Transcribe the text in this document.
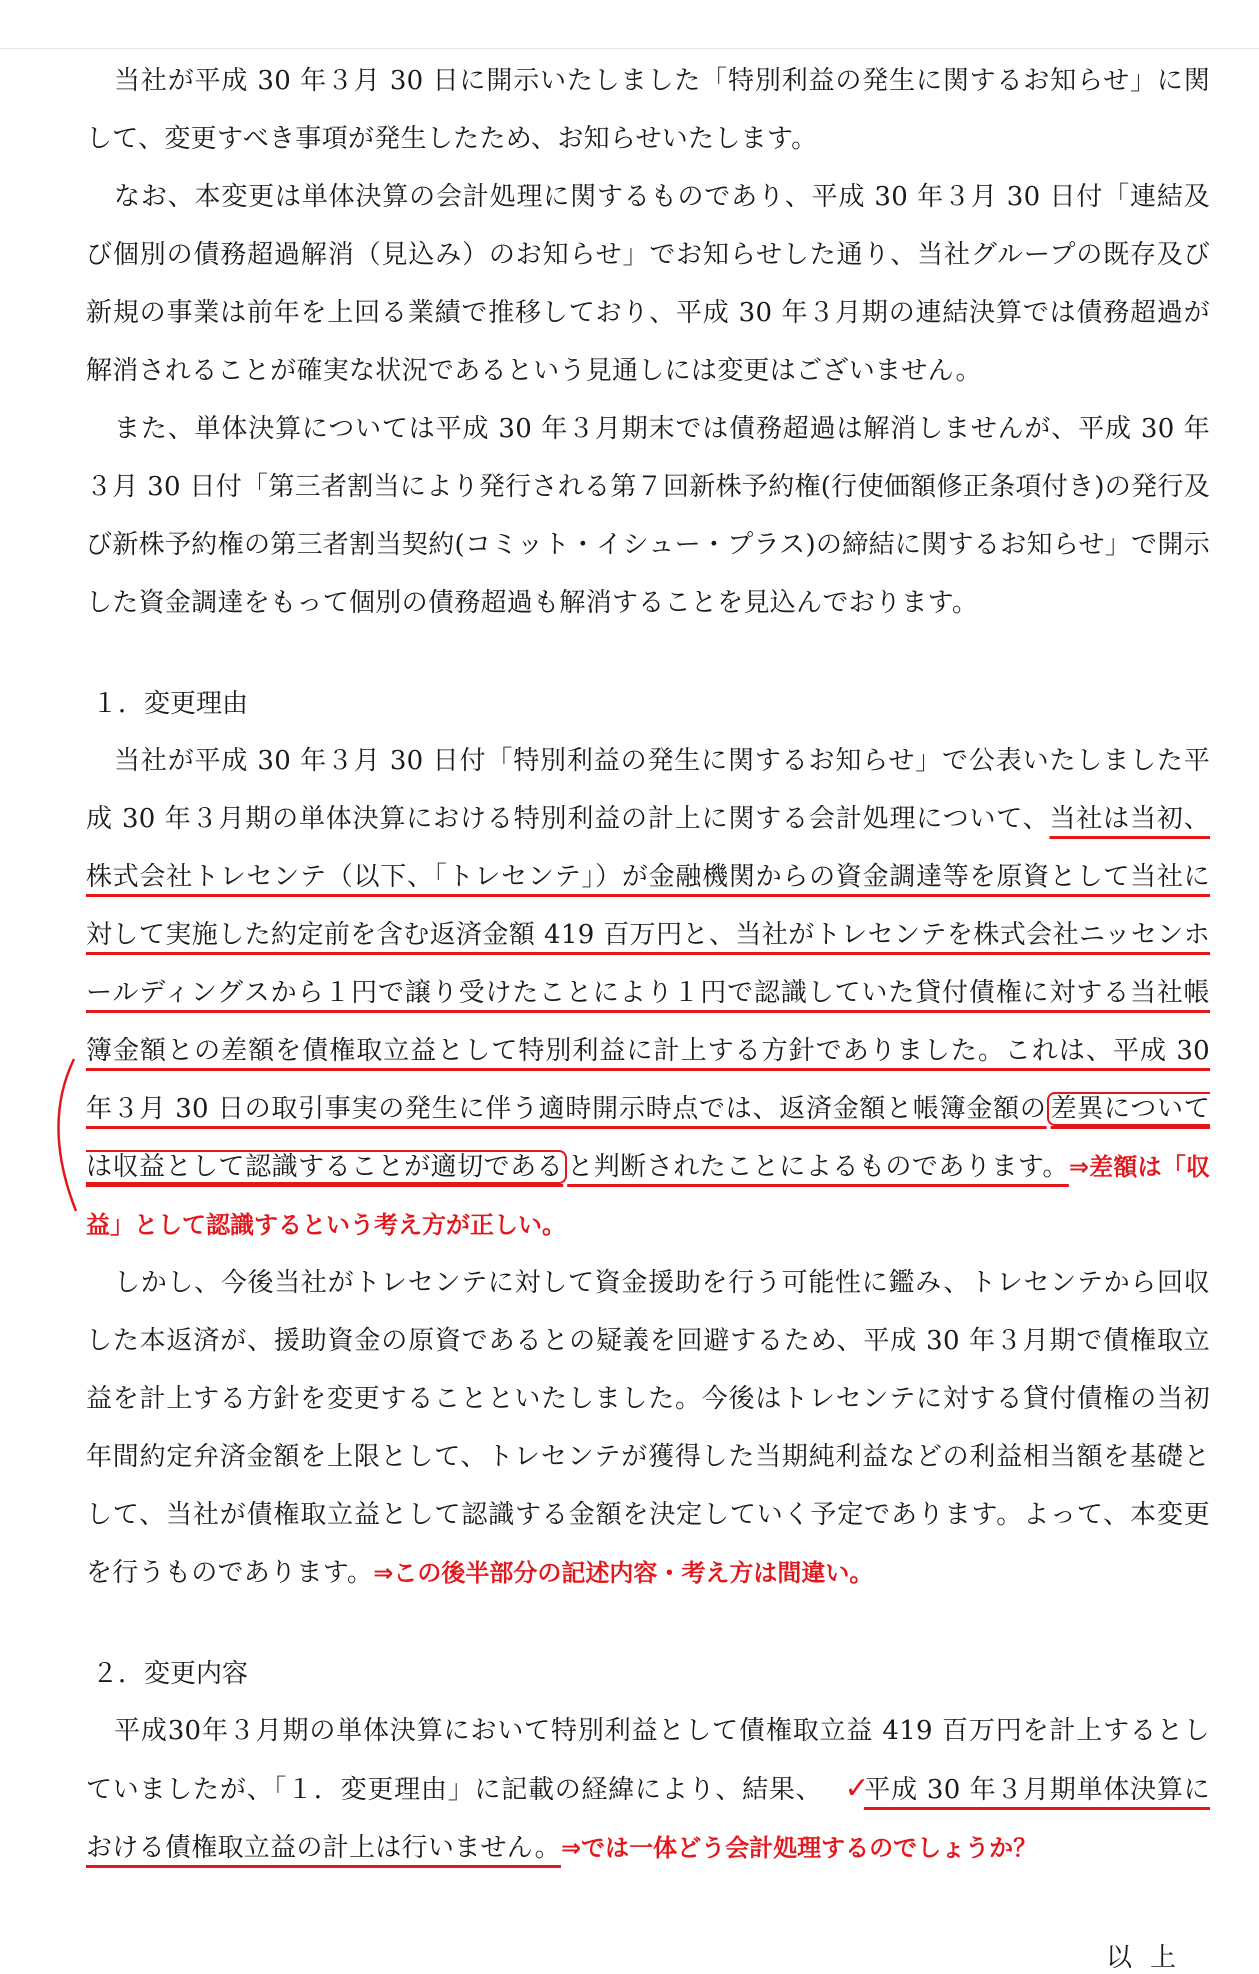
当社が平成 30 年３月 30 日に開示いたしました「特別利益の発生に関するお知らせ」に関して、変更すべき事項が発生したため、お知らせいたします。

なお、本変更は単体決算の会計処理に関するものであり、平成 30 年３月 30 日付「連結及び個別の債務超過解消（見込み）のお知らせ」でお知らせした通り、当社グループの既存及び新規の事業は前年を上回る業績で推移しており、平成 30 年３月期の連結決算では債務超過が解消されることが確実な状況であるという見通しには変更はございません。

また、単体決算については平成 30 年３月期末では債務超過は解消しませんが、平成 30 年３月 30 日付「第三者割当により発行される第７回新株予約権(行使価額修正条項付き)の発行及び新株予約権の第三者割当契約(コミット・イシュー・プラス)の締結に関するお知らせ」で開示した資金調達をもって個別の債務超過も解消することを見込んでおります。

１．変更理由

当社が平成 30 年３月 30 日付「特別利益の発生に関するお知らせ」で公表いたしました平成 30 年３月期の単体決算における特別利益の計上に関する会計処理について、当社は当初、株式会社トレセンテ（以下、「トレセンテ」）が金融機関からの資金調達等を原資として当社に対して実施した約定前を含む返済金額 419 百万円と、当社がトレセンテを株式会社ニッセンホールディングスから１円で譲り受けたことにより１円で認識していた貸付債権に対する当社帳簿金額との差額を債権取立益として特別利益に計上する方針でありました。これは、平成 30 年３月 30 日の取引事実の発生に伴う適時開示時点では、返済金額と帳簿金額の 差異については収益として認識することが適切である と判断されたことによるものであります。⇒差額は「収益」として認識するという考え方が正しい。

しかし、今後当社がトレセンテに対して資金援助を行う可能性に鑑み、トレセンテから回収した本返済が、援助資金の原資であるとの疑義を回避するため、平成 30 年３月期で債権取立益を計上する方針を変更することといたしました。今後はトレセンテに対する貸付債権の当初年間約定弁済金額を上限として、トレセンテが獲得した当期純利益などの利益相当額を基礎として、当社が債権取立益として認識する金額を決定していく予定であります。よって、本変更を行うものであります。⇒この後半部分の記述内容・考え方は間違い。

２．変更内容

平成30年３月期の単体決算において特別利益として債権取立益 419 百万円を計上するとしていましたが、「１．変更理由」に記載の経緯により、結果、 ✓平成 30 年３月期単体決算における債権取立益の計上は行いません。⇒では一体どう会計処理するのでしょうか？

以上
